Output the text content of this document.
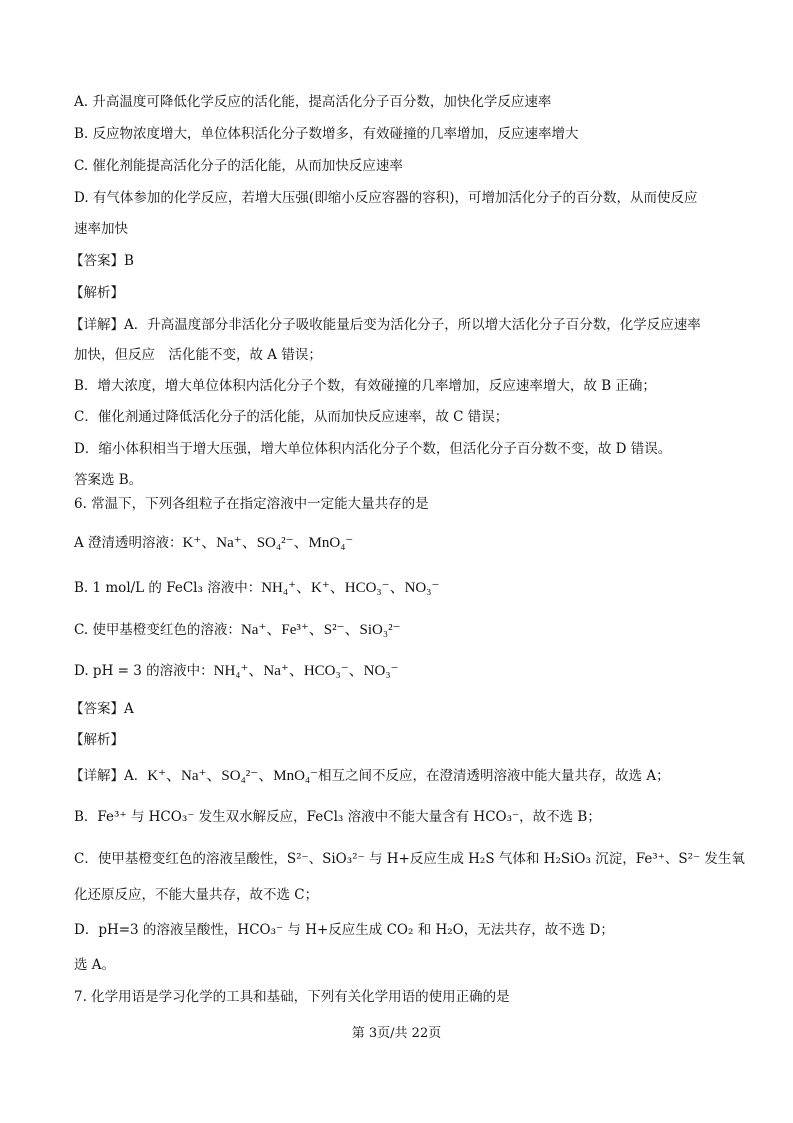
A. 升高温度可降低化学反应的活化能，提高活化分子百分数，加快化学反应速率
B. 反应物浓度增大，单位体积活化分子数增多，有效碰撞的几率增加，反应速率增大
C. 催化剂能提高活化分子的活化能，从而加快反应速率
D. 有气体参加的化学反应，若增大压强(即缩小反应容器的容积)，可增加活化分子的百分数，从而使反应
速率加快
【答案】B
【解析】
【详解】A．升高温度部分非活化分子吸收能量后变为活化分子，所以增大活化分子百分数，化学反应速率
加快，但反应　活化能不变，故 A 错误；
B．增大浓度，增大单位体积内活化分子个数，有效碰撞的几率增加，反应速率增大，故 B 正确；
C．催化剂通过降低活化分子的活化能，从而加快反应速率，故 C 错误；
D．缩小体积相当于增大压强，增大单位体积内活化分子个数，但活化分子百分数不变，故 D 错误。
答案选 B。
6. 常温下，下列各组粒子在指定溶液中一定能大量共存的是
A 澄清透明溶液：K⁺、Na⁺、SO₄²⁻、MnO₄⁻
B. 1 mol/L 的 FeCl₃ 溶液中：NH₄⁺、K⁺、HCO₃⁻、NO₃⁻
C. 使甲基橙变红色的溶液：Na⁺、Fe³⁺、S²⁻、SiO₃²⁻
D. pH = 3 的溶液中：NH₄⁺、Na⁺、HCO₃⁻、NO₃⁻
【答案】A
【解析】
【详解】A．K⁺、Na⁺、SO₄²⁻、MnO₄⁻相互之间不反应，在澄清透明溶液中能大量共存，故选 A；
B．Fe³⁺ 与 HCO₃⁻ 发生双水解反应，FeCl₃ 溶液中不能大量含有 HCO₃⁻，故不选 B；
C．使甲基橙变红色的溶液呈酸性，S²⁻、SiO₃²⁻ 与 H+反应生成 H₂S 气体和 H₂SiO₃ 沉淀，Fe³⁺、S²⁻ 发生氧
化还原反应，不能大量共存，故不选 C；
D．pH=3 的溶液呈酸性，HCO₃⁻ 与 H+反应生成 CO₂ 和 H₂O，无法共存，故不选 D；
选 A。
7. 化学用语是学习化学的工具和基础，下列有关化学用语的使用正确的是
第 3页/共 22页
